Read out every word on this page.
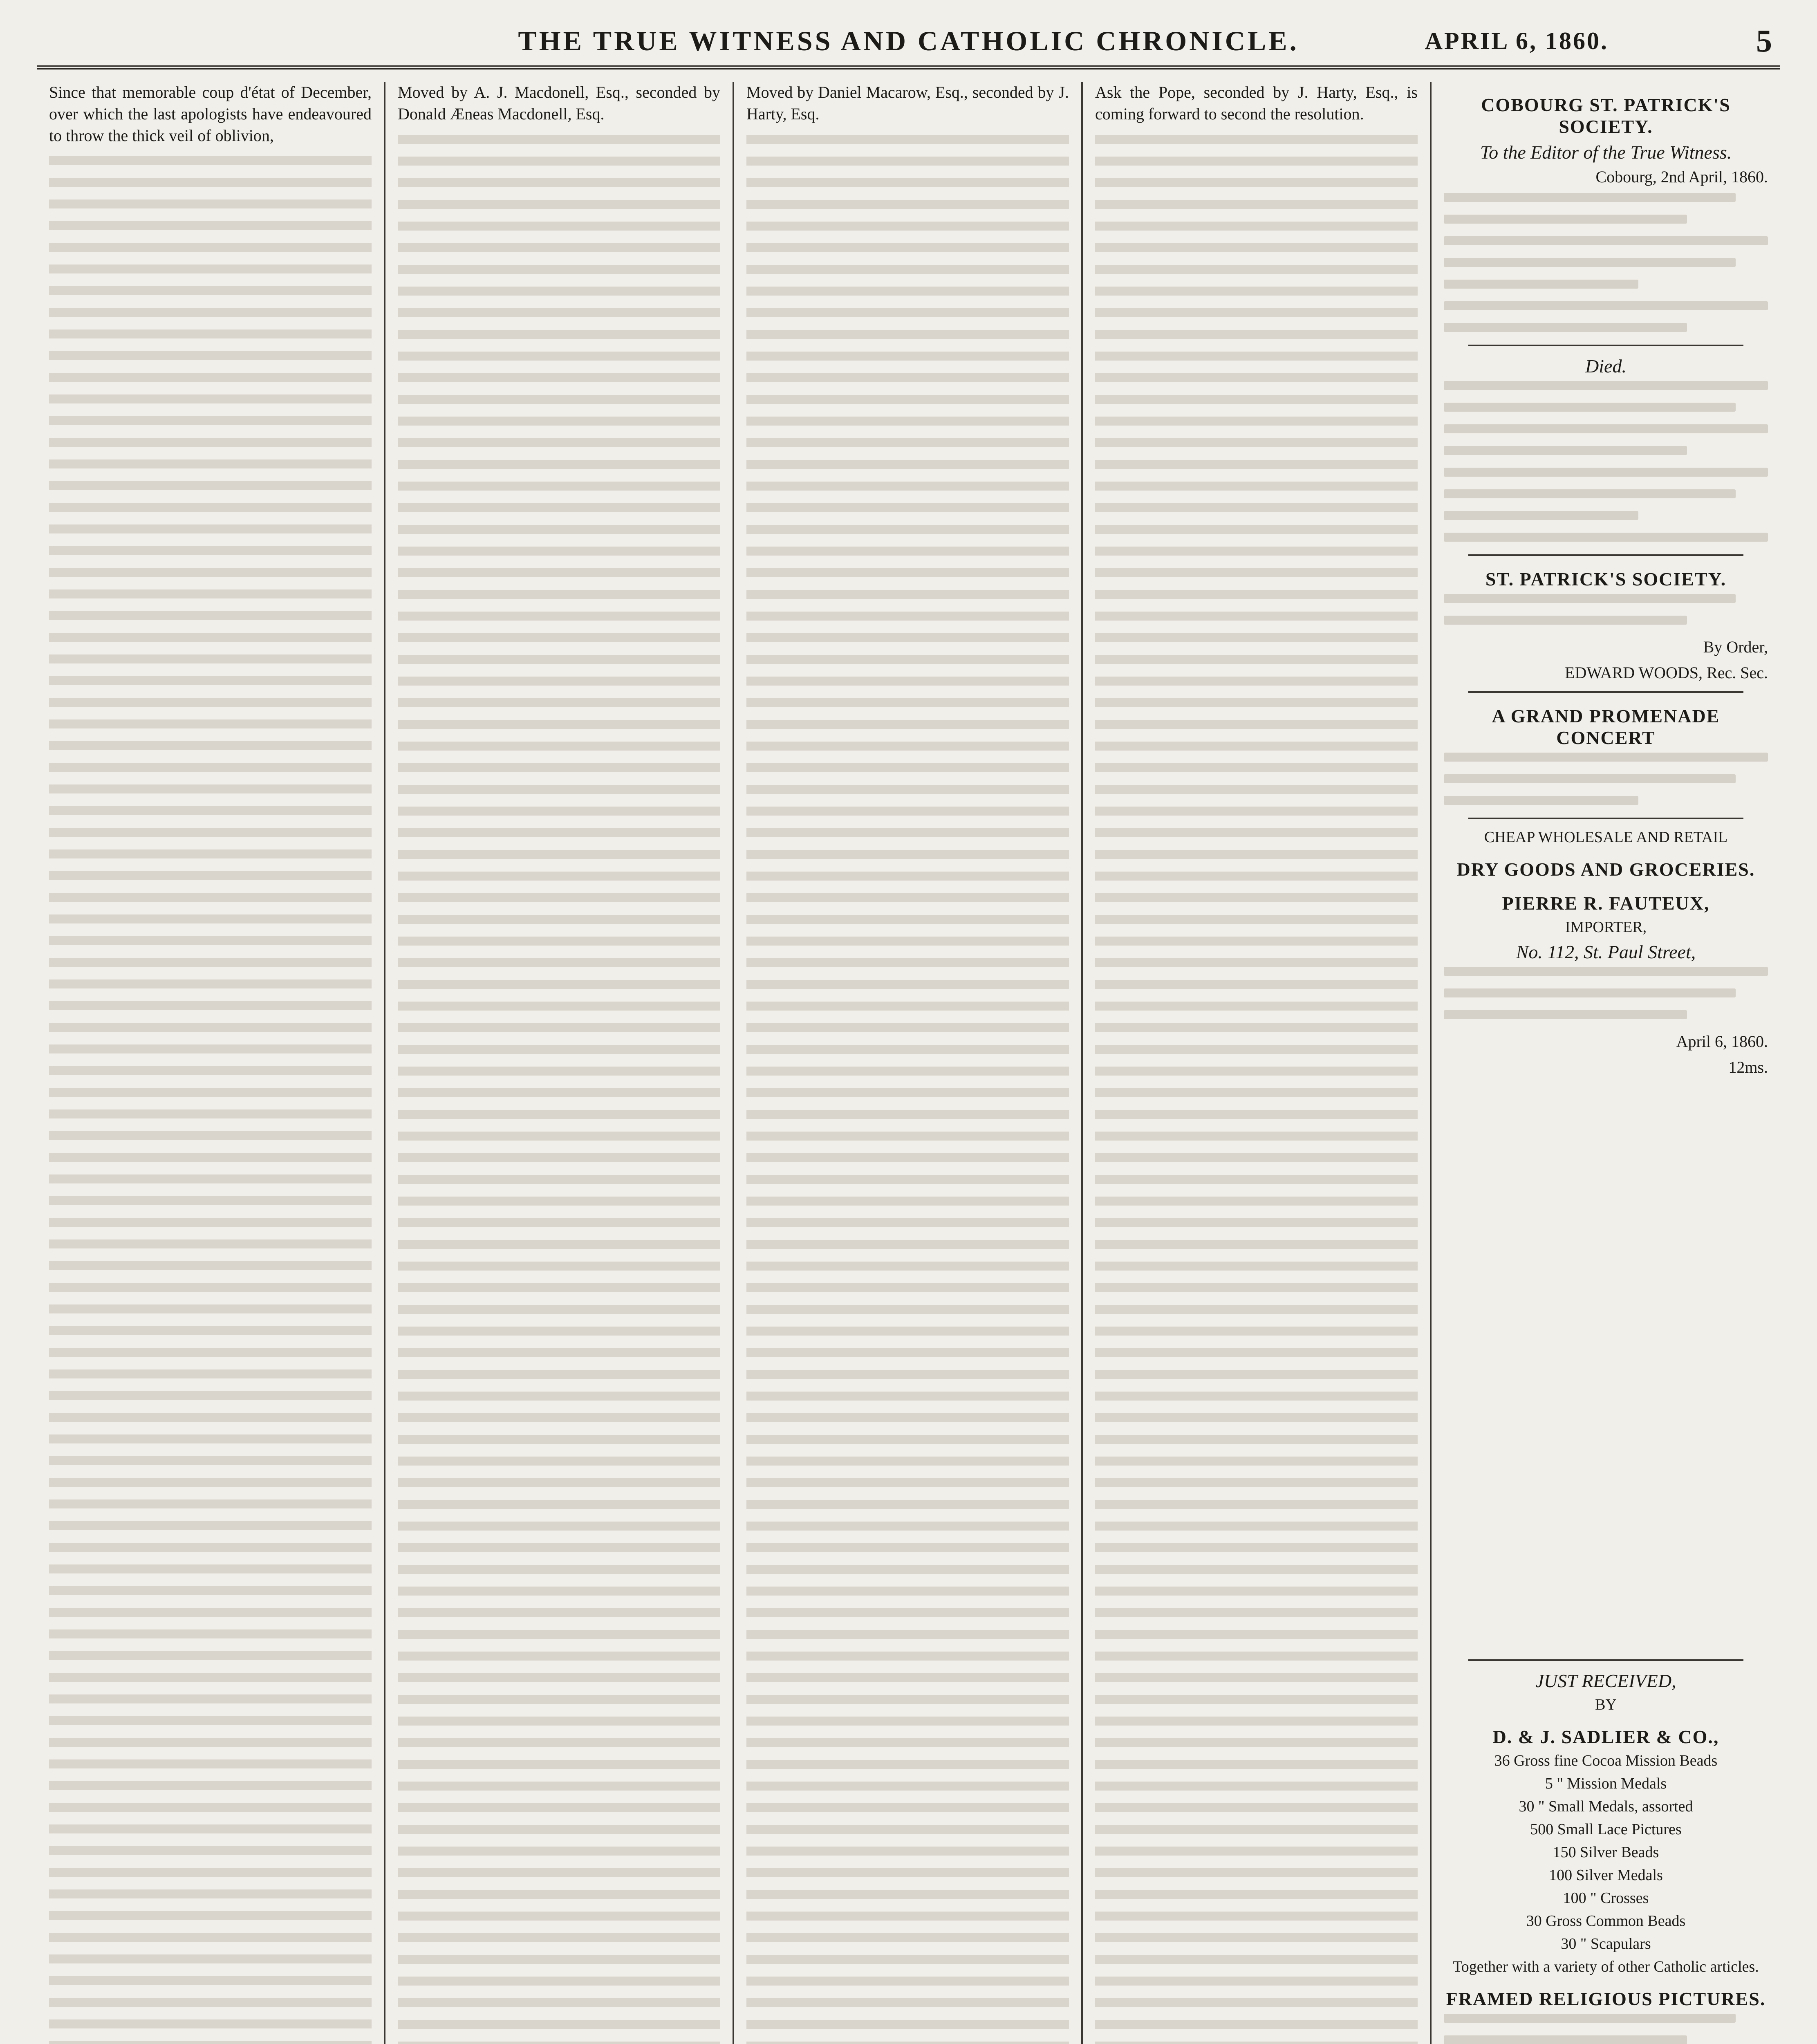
THE TRUE WITNESS AND CATHOLIC CHRONICLE.	APRIL 6, 1860.	5

Since that memorable coup d'état of December, over which the last apologists have endeavoured to throw the thick veil of oblivion,

Moved by A. J. Macdonell, Esq., seconded by Donald Æneas Macdonell, Esq.

Moved by Daniel Macarow, Esq., seconded by J. Harty, Esq.

Ask the Pope, seconded by J. Harty, Esq., is coming forward to second the resolution.	COBOURG ST. PATRICK'S SOCIETY.
To the Editor of the True Witness.
Cobourg, 2nd April, 1860.
Died.
ST. PATRICK'S SOCIETY.
By Order,
EDWARD WOODS, Rec. Sec.
A GRAND PROMENADE CONCERT
CHEAP WHOLESALE AND RETAIL
DRY GOODS AND GROCERIES.
PIERRE R. FAUTEUX,
IMPORTER,
No. 112, St. Paul Street,
April 6, 1860.
12ms.
JUST RECEIVED,
BY
D. & J. SADLIER & CO.,
36 Gross fine Cocoa Mission Beads
5 " Mission Medals
30 " Small Medals, assorted
500 Small Lace Pictures
150 Silver Beads
100 Silver Medals
100 " Crosses
30 Gross Common Beads
30 " Scapulars
Together with a variety of other Catholic articles.
FRAMED RELIGIOUS PICTURES.
